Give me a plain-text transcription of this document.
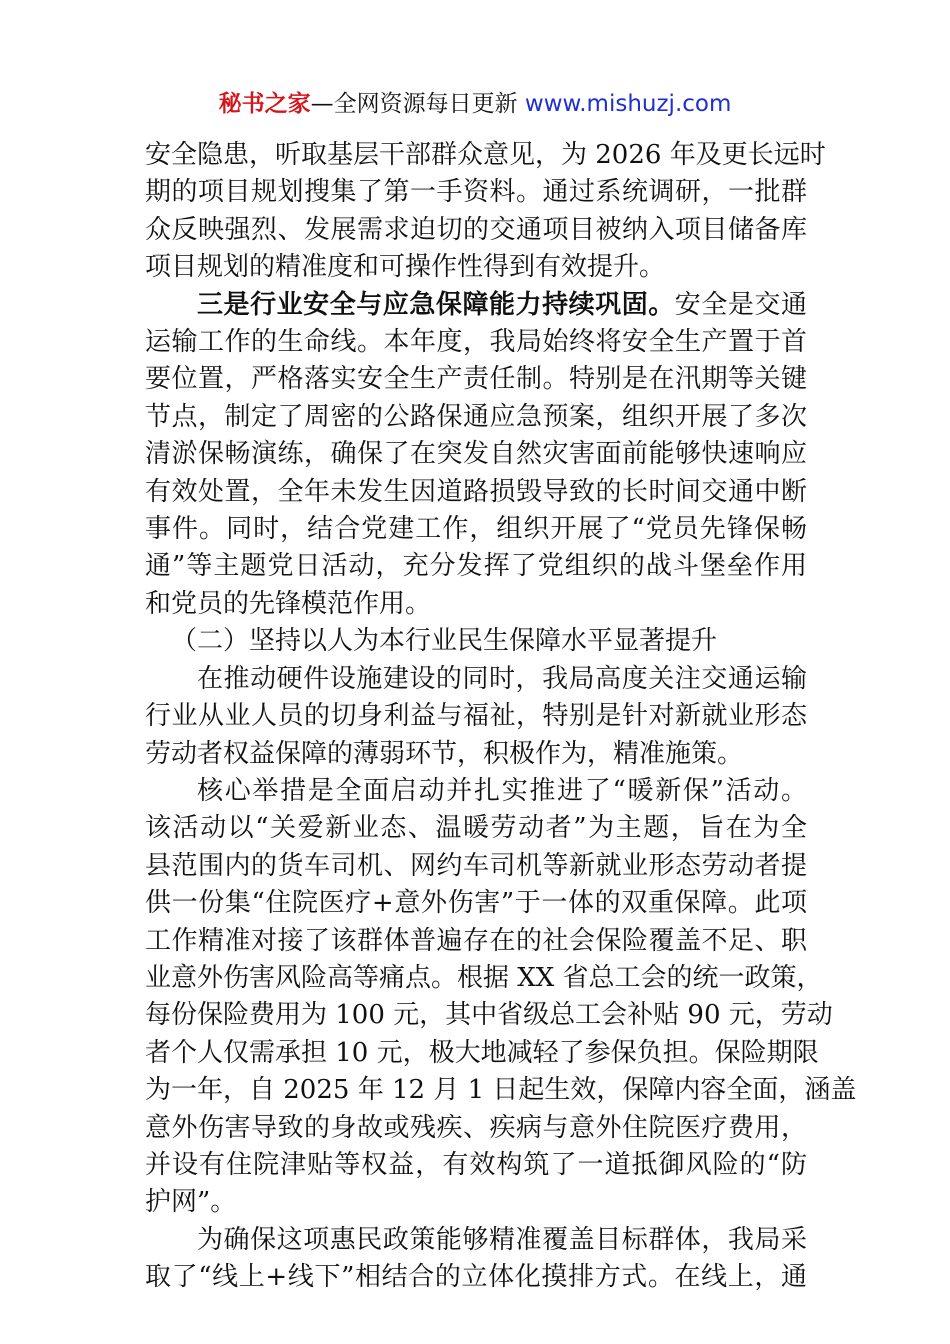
秘书之家—全网资源每日更新 www.mishuzj.com
安全隐患，听取基层干部群众意见，为 2026 年及更长远时
期的项目规划搜集了第一手资料。通过系统调研，一批群
众反映强烈、发展需求迫切的交通项目被纳入项目储备库
项目规划的精准度和可操作性得到有效提升。
三是行业安全与应急保障能力持续巩固。安全是交通
运输工作的生命线。本年度，我局始终将安全生产置于首
要位置，严格落实安全生产责任制。特别是在汛期等关键
节点，制定了周密的公路保通应急预案，组织开展了多次
清淤保畅演练，确保了在突发自然灾害面前能够快速响应
有效处置，全年未发生因道路损毁导致的长时间交通中断
事件。同时，结合党建工作，组织开展了“党员先锋保畅
通”等主题党日活动，充分发挥了党组织的战斗堡垒作用
和党员的先锋模范作用。
（二）坚持以人为本行业民生保障水平显著提升
在推动硬件设施建设的同时，我局高度关注交通运输
行业从业人员的切身利益与福祉，特别是针对新就业形态
劳动者权益保障的薄弱环节，积极作为，精准施策。
核心举措是全面启动并扎实推进了“暖新保”活动。
该活动以“关爱新业态、温暖劳动者”为主题，旨在为全
县范围内的货车司机、网约车司机等新就业形态劳动者提
供一份集“住院医疗+意外伤害”于一体的双重保障。此项
工作精准对接了该群体普遍存在的社会保险覆盖不足、职
业意外伤害风险高等痛点。根据 XX 省总工会的统一政策，
每份保险费用为 100 元，其中省级总工会补贴 90 元，劳动
者个人仅需承担 10 元，极大地减轻了参保负担。保险期限
为一年，自 2025 年 12 月 1 日起生效，保障内容全面，涵盖
意外伤害导致的身故或残疾、疾病与意外住院医疗费用，
并设有住院津贴等权益，有效构筑了一道抵御风险的“防
护网”。
为确保这项惠民政策能够精准覆盖目标群体，我局采
取了“线上+线下”相结合的立体化摸排方式。在线上，通
